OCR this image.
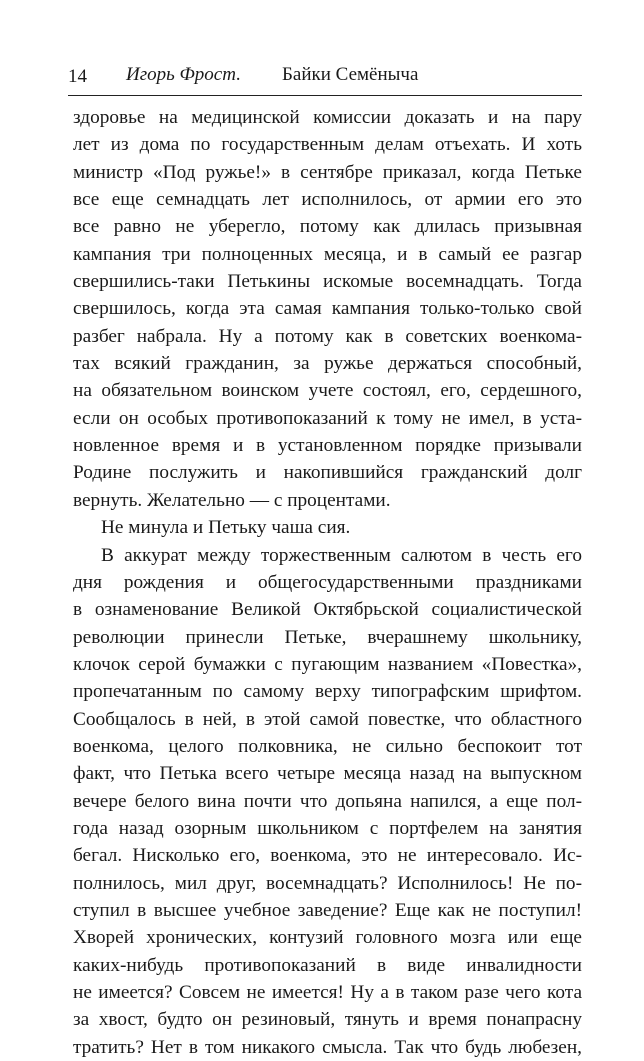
14 Игорь Фрост. Байки Семёныча
здоровье на медицинской комиссии доказать и на пару
лет из дома по государственным делам отъехать. И хоть
министр «Под ружье!» в сентябре приказал, когда Петьке
все еще семнадцать лет исполнилось, от армии его это
все равно не уберегло, потому как длилась призывная
кампания три полноценных месяца, и в самый ее разгар
свершились-таки Петькины искомые восемнадцать. Тогда
свершилось, когда эта самая кампания только-только свой
разбег набрала. Ну а потому как в советских военкома-
тах всякий гражданин, за ружье держаться способный,
на обязательном воинском учете состоял, его, сердешного,
если он особых противопоказаний к тому не имел, в уста-
новленное время и в установленном порядке призывали
Родине послужить и накопившийся гражданский долг
вернуть. Желательно — с процентами.
Не минула и Петьку чаша сия.
В аккурат между торжественным салютом в честь его
дня рождения и общегосударственными праздниками
в ознаменование Великой Октябрьской социалистической
революции принесли Петьке, вчерашнему школьнику,
клочок серой бумажки с пугающим названием «Повестка»,
пропечатанным по самому верху типографским шрифтом.
Сообщалось в ней, в этой самой повестке, что областного
военкома, целого полковника, не сильно беспокоит тот
факт, что Петька всего четыре месяца назад на выпускном
вечере белого вина почти что допьяна напился, а еще пол-
года назад озорным школьником с портфелем на занятия
бегал. Нисколько его, военкома, это не интересовало. Ис-
полнилось, мил друг, восемнадцать? Исполнилось! Не по-
ступил в высшее учебное заведение? Еще как не поступил!
Хворей хронических, контузий головного мозга или еще
каких-нибудь противопоказаний в виде инвалидности
не имеется? Совсем не имеется! Ну а в таком разе чего кота
за хвост, будто он резиновый, тянуть и время понапрасну
тратить? Нет в том никакого смысла. Так что будь любезен,
